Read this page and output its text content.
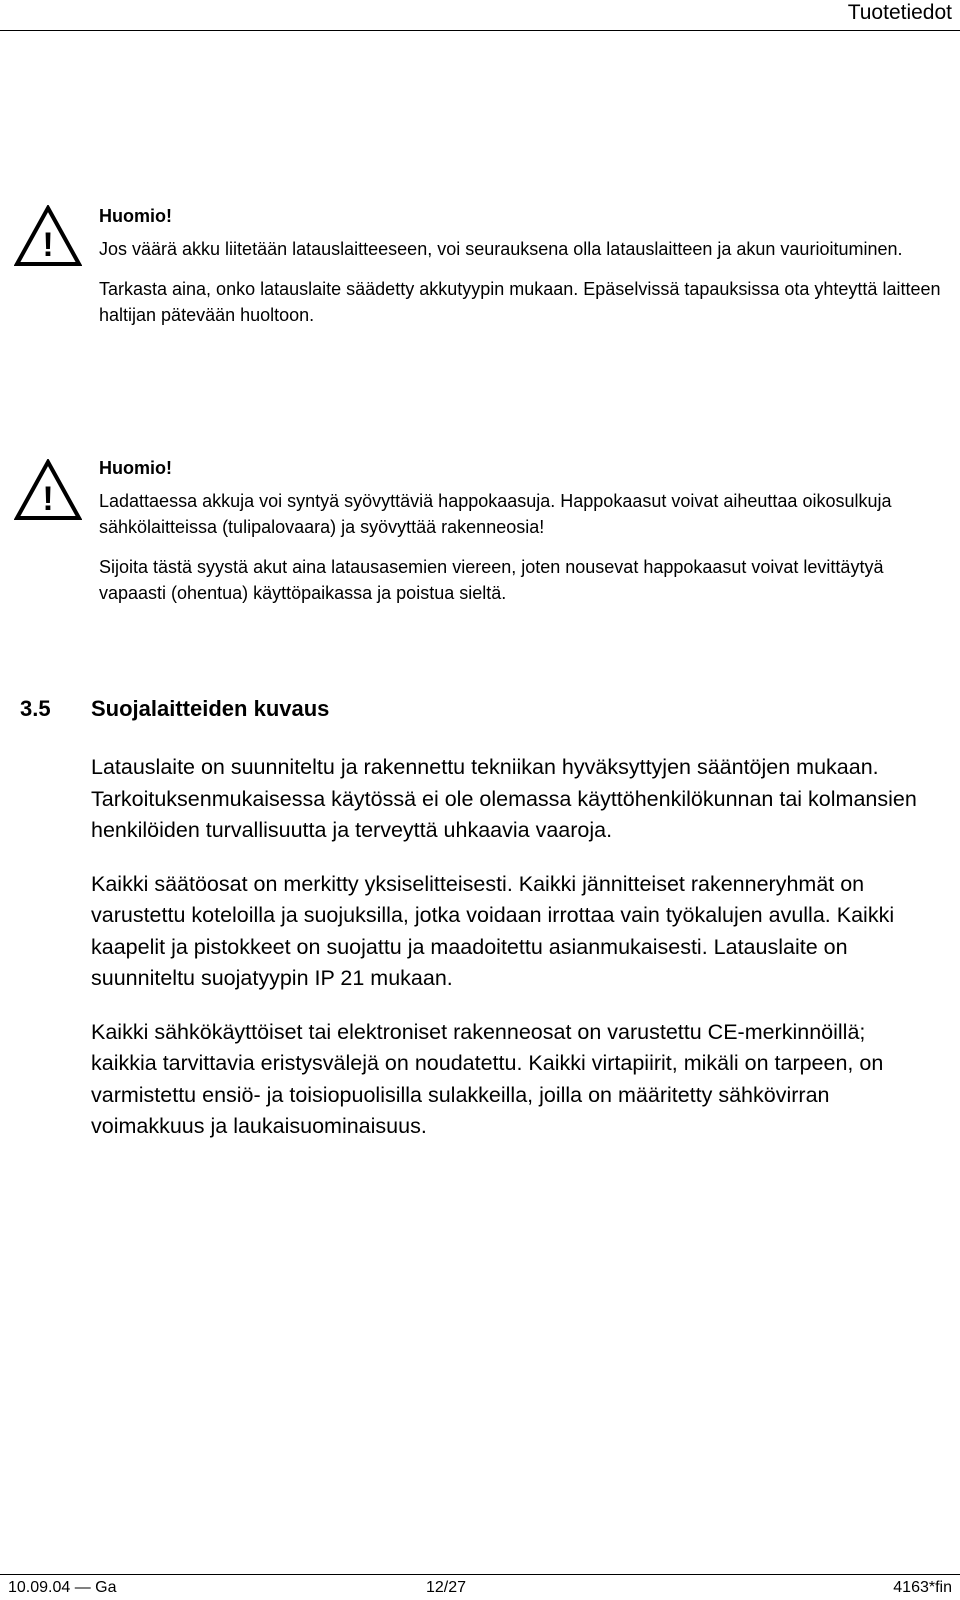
Tuotetiedot
!
Huomio!

Jos väärä akku liitetään latauslaitteeseen, voi seurauksena olla latauslaitteen ja akun vaurioituminen.

Tarkasta aina, onko latauslaite säädetty akkutyypin mukaan. Epäselvissä tapauksissa ota yhteyttä laitteen haltijan pätevään huoltoon.

!
Huomio!

Ladattaessa akkuja voi syntyä syövyttäviä happokaasuja. Happokaasut voivat aiheuttaa oikosulkuja sähkölaitteissa (tulipalovaara) ja syövyttää rakenneosia!

Sijoita tästä syystä akut aina latausasemien viereen, joten nousevat happokaasut voivat levittäytyä vapaasti (ohentua) käyttöpaikassa ja poistua sieltä.

3.5 Suojalaitteiden kuvaus

Latauslaite on suunniteltu ja rakennettu tekniikan hyväksyttyjen sääntöjen mukaan. Tarkoituksenmukaisessa käytössä ei ole olemassa käyttöhenkilökunnan tai kolmansien henkilöiden turvallisuutta ja terveyttä uhkaavia vaaroja.

Kaikki säätöosat on merkitty yksiselitteisesti. Kaikki jännitteiset rakenneryhmät on varustettu koteloilla ja suojuksilla, jotka voidaan irrottaa vain työkalujen avulla. Kaikki kaapelit ja pistokkeet on suojattu ja maadoitettu asianmukaisesti. Latauslaite on suunniteltu suojatyypin IP 21 mukaan.

Kaikki sähkökäyttöiset tai elektroniset rakenneosat on varustettu CE-merkinnöillä; kaikkia tarvittavia eristysvälejä on noudatettu. Kaikki virtapiirit, mikäli on tarpeen, on varmistettu ensiö- ja toisiopuolisilla sulakkeilla, joilla on määritetty sähkövirran voimakkuus ja laukaisuominaisuus.

10.09.04 — Ga	12/27	4163*fin
